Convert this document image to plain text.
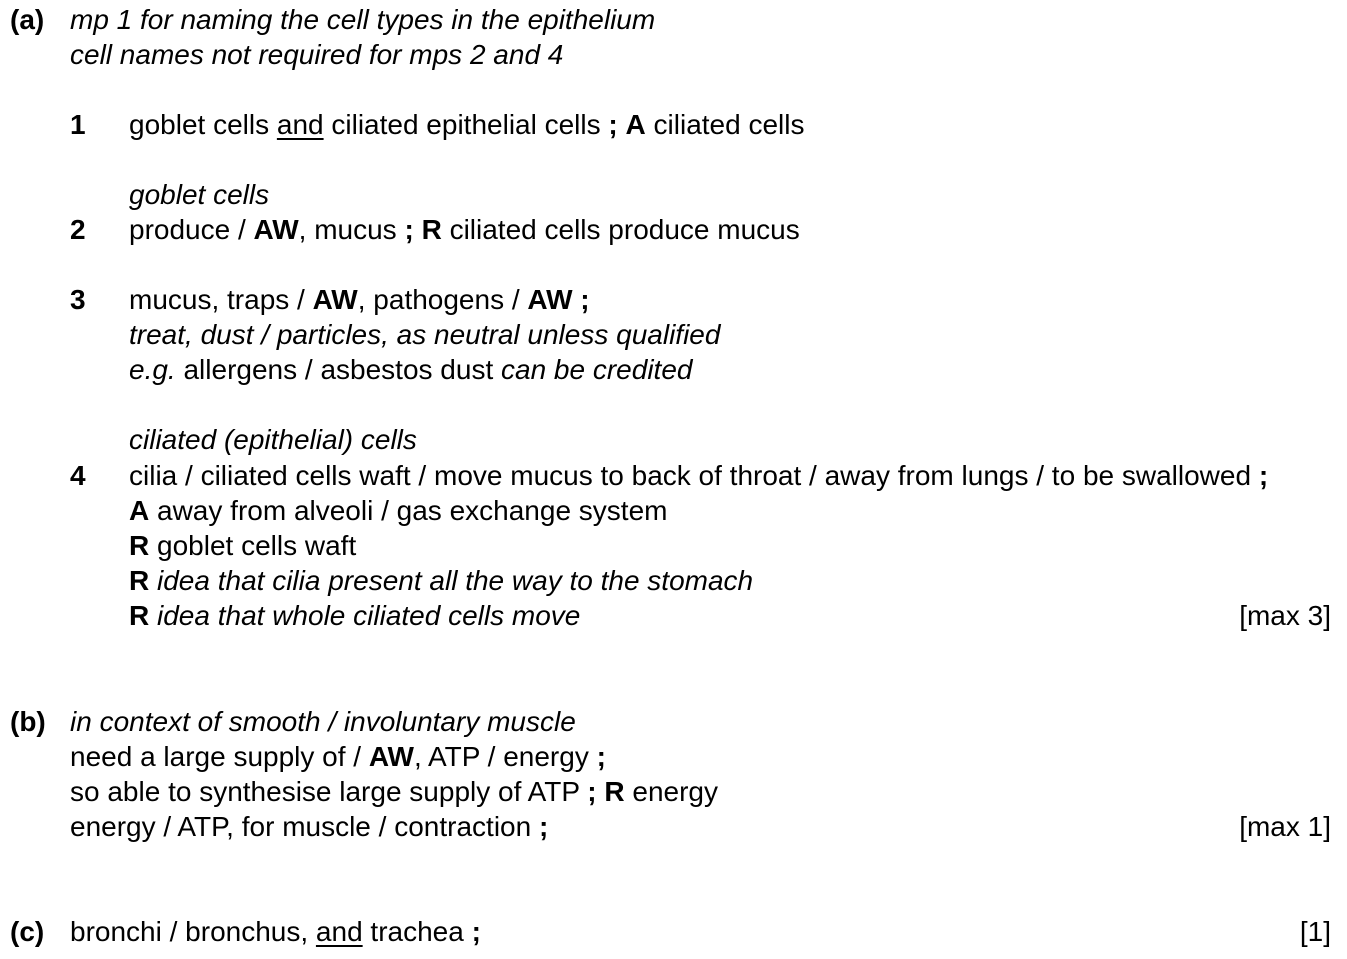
(a) mp 1 for naming the cell types in the epithelium
cell names not required for mps 2 and 4
1 goblet cells and ciliated epithelial cells ; A ciliated cells
goblet cells
2 produce / AW, mucus ; R ciliated cells produce mucus
3 mucus, traps / AW, pathogens / AW ;
treat, dust / particles, as neutral unless qualified
e.g. allergens / asbestos dust can be credited
ciliated (epithelial) cells
4 cilia / ciliated cells waft / move mucus to back of throat / away from lungs / to be swallowed ;
A away from alveoli / gas exchange system
R goblet cells waft
R idea that cilia present all the way to the stomach
R idea that whole ciliated cells move	[max 3]
(b) in context of smooth / involuntary muscle
need a large supply of / AW, ATP / energy ;
so able to synthesise large supply of ATP ; R energy
energy / ATP, for muscle / contraction ;	[max 1]
(c) bronchi / bronchus, and trachea ;	[1]
